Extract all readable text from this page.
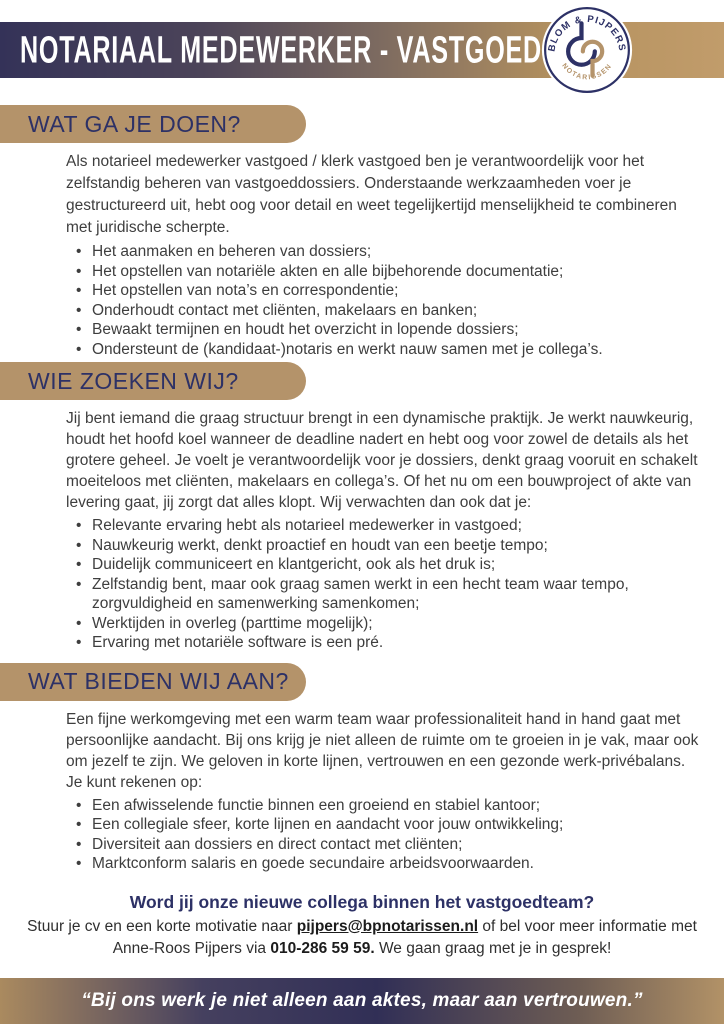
NOTARIAAL MEDEWERKER - VASTGOED BLOM & PIJPERS
NOTARISSEN
WAT GA JE DOEN?

Als notarieel medewerker vastgoed / klerk vastgoed ben je verantwoordelijk voor het zelfstandig beheren van vastgoeddossiers. Onderstaande werkzaamheden voer je gestructureerd uit, hebt oog voor detail en weet tegelijkertijd menselijkheid te combineren met juridische scherpte.

• Het aanmaken en beheren van dossiers;
• Het opstellen van notariële akten en alle bijbehorende documentatie;
• Het opstellen van nota’s en correspondentie;
• Onderhoudt contact met cliënten, makelaars en banken;
• Bewaakt termijnen en houdt het overzicht in lopende dossiers;
• Ondersteunt de (kandidaat-)notaris en werkt nauw samen met je collega’s.
WIE ZOEKEN WIJ?

Jij bent iemand die graag structuur brengt in een dynamische praktijk. Je werkt nauwkeurig, houdt het hoofd koel wanneer de deadline nadert en hebt oog voor zowel de details als het grotere geheel. Je voelt je verantwoordelijk voor je dossiers, denkt graag vooruit en schakelt moeiteloos met cliënten, makelaars en collega’s. Of het nu om een bouwproject of akte van levering gaat, jij zorgt dat alles klopt. Wij verwachten dan ook dat je:

• Relevante ervaring hebt als notarieel medewerker in vastgoed;
• Nauwkeurig werkt, denkt proactief en houdt van een beetje tempo;
• Duidelijk communiceert en klantgericht, ook als het druk is;
• Zelfstandig bent, maar ook graag samen werkt in een hecht team waar tempo, zorgvuldigheid en samenwerking samenkomen;
• Werktijden in overleg (parttime mogelijk);
• Ervaring met notariële software is een pré.
WAT BIEDEN WIJ AAN?

Een fijne werkomgeving met een warm team waar professionaliteit hand in hand gaat met persoonlijke aandacht. Bij ons krijg je niet alleen de ruimte om te groeien in je vak, maar ook om jezelf te zijn. We geloven in korte lijnen, vertrouwen en een gezonde werk-privébalans. Je kunt rekenen op:

• Een afwisselende functie binnen een groeiend en stabiel kantoor;
• Een collegiale sfeer, korte lijnen en aandacht voor jouw ontwikkeling;
• Diversiteit aan dossiers en direct contact met cliënten;
• Marktconform salaris en goede secundaire arbeidsvoorwaarden.
Word jij onze nieuwe collega binnen het vastgoedteam?
Stuur je cv en een korte motivatie naar pijpers@bpnotarissen.nl of bel voor meer informatie met Anne-Roos Pijpers via 010-286 59 59. We gaan graag met je in gesprek!
“Bij ons werk je niet alleen aan aktes, maar aan vertrouwen.”
